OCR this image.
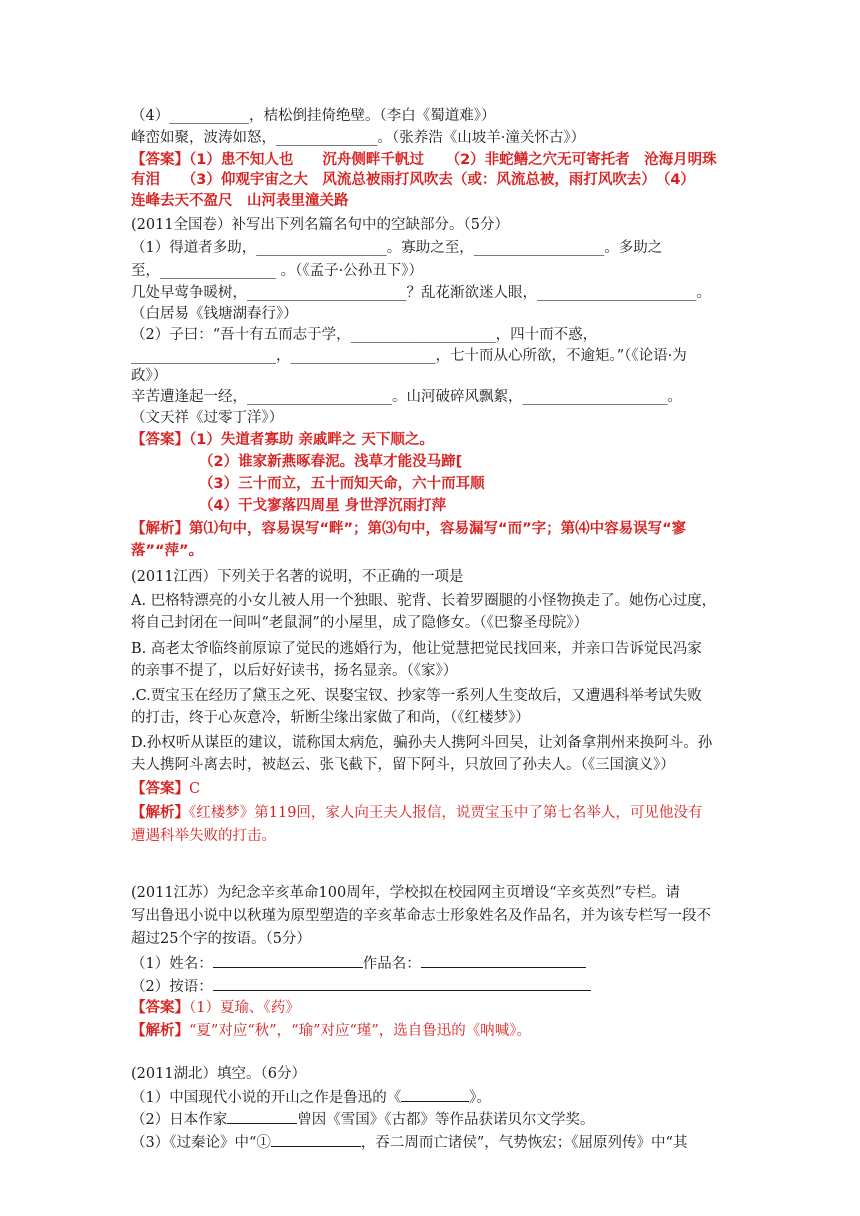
（4）___________，桔松倒挂倚绝壁。（李白《蜀道难》）
峰峦如聚，波涛如怒，______________。（张养浩《山坡羊·潼关怀古》）
【答案】（1）患不知人也　　沉舟侧畔千帆过　　（2）非蛇鳝之穴无可寄托者　沧海月明珠
有泪　　（3）仰观宇宙之大　风流总被雨打风吹去（或：风流总被，雨打风吹去）　（4）
连峰去天不盈尺　山河表里潼关路
(2011全国卷）补写出下列名篇名句中的空缺部分。（5分）
（1）得道者多助，__________________。寡助之至，__________________。多助之
至，________________ 。（《孟子·公孙丑下》）
几处早莺争暖树，______________________？乱花渐欲迷人眼，______________________。
（白居易《钱塘湖春行》）
（2）子曰：“吾十有五而志于学，____________________，四十而不惑，
____________________，____________________，七十而从心所欲，不逾矩。”（《论语·为
政》）
辛苦遭逢起一经，____________________。山河破碎风飘絮，____________________。
（文天祥《过零丁洋》）
【答案】（1）失道者寡助 亲戚畔之 天下顺之。
（2）谁家新燕啄春泥。浅草才能没马蹄[
（3）三十而立，五十而知天命，六十而耳顺
（4）干戈寥落四周星 身世浮沉雨打萍
【解析】第⑴句中，容易误写“畔”；第⑶句中，容易漏写“而”字；第⑷中容易误写“寥
落”“萍”。
(2011江西）下列关于名著的说明，不正确的一项是
A. 巴格特漂亮的小女儿被人用一个独眼、驼背、长着罗圈腿的小怪物换走了。她伤心过度，
将自己封闭在一间叫“老鼠洞”的小屋里，成了隐修女。（《巴黎圣母院》）
B. 高老太爷临终前原谅了觉民的逃婚行为，他让觉慧把觉民找回来，并亲口告诉觉民冯家
的亲事不提了，以后好好读书，扬名显亲。（《家》）
.C.贾宝玉在经历了黛玉之死、误娶宝钗、抄家等一系列人生变故后，又遭遇科举考试失败
的打击，终于心灰意冷，斩断尘缘出家做了和尚，（《红楼梦》）
D.孙权听从谋臣的建议，谎称国太病危，骗孙夫人携阿斗回吴，让刘备拿荆州来换阿斗。孙
夫人携阿斗离去时，被赵云、张飞截下，留下阿斗，只放回了孙夫人。（《三国演义》）
【答案】C
【解析】《红楼梦》第119回，家人向王夫人报信，说贾宝玉中了第七名举人，可见他没有
遭遇科举失败的打击。
(2011江苏）为纪念辛亥革命100周年，学校拟在校园网主页增设“辛亥英烈”专栏。请
写出鲁迅小说中以秋瑾为原型塑造的辛亥革命志士形象姓名及作品名，并为该专栏写一段不
超过25个字的按语。（5分）
（1）姓名：	作品名：
（2）按语：
【答案】（1）夏瑜、《药》
【解析】“夏”对应“秋”，“瑜”对应“瑾”，选自鲁迅的《呐喊》。
(2011湖北）填空。（6分）
（1）中国现代小说的开山之作是鲁迅的《	》。
（2）日本作家	曾因《雪国》《古都》等作品获诺贝尔文学奖。
（3）《过秦论》中“①	，吞二周而亡诸侯”，气势恢宏；《屈原列传》中“其
